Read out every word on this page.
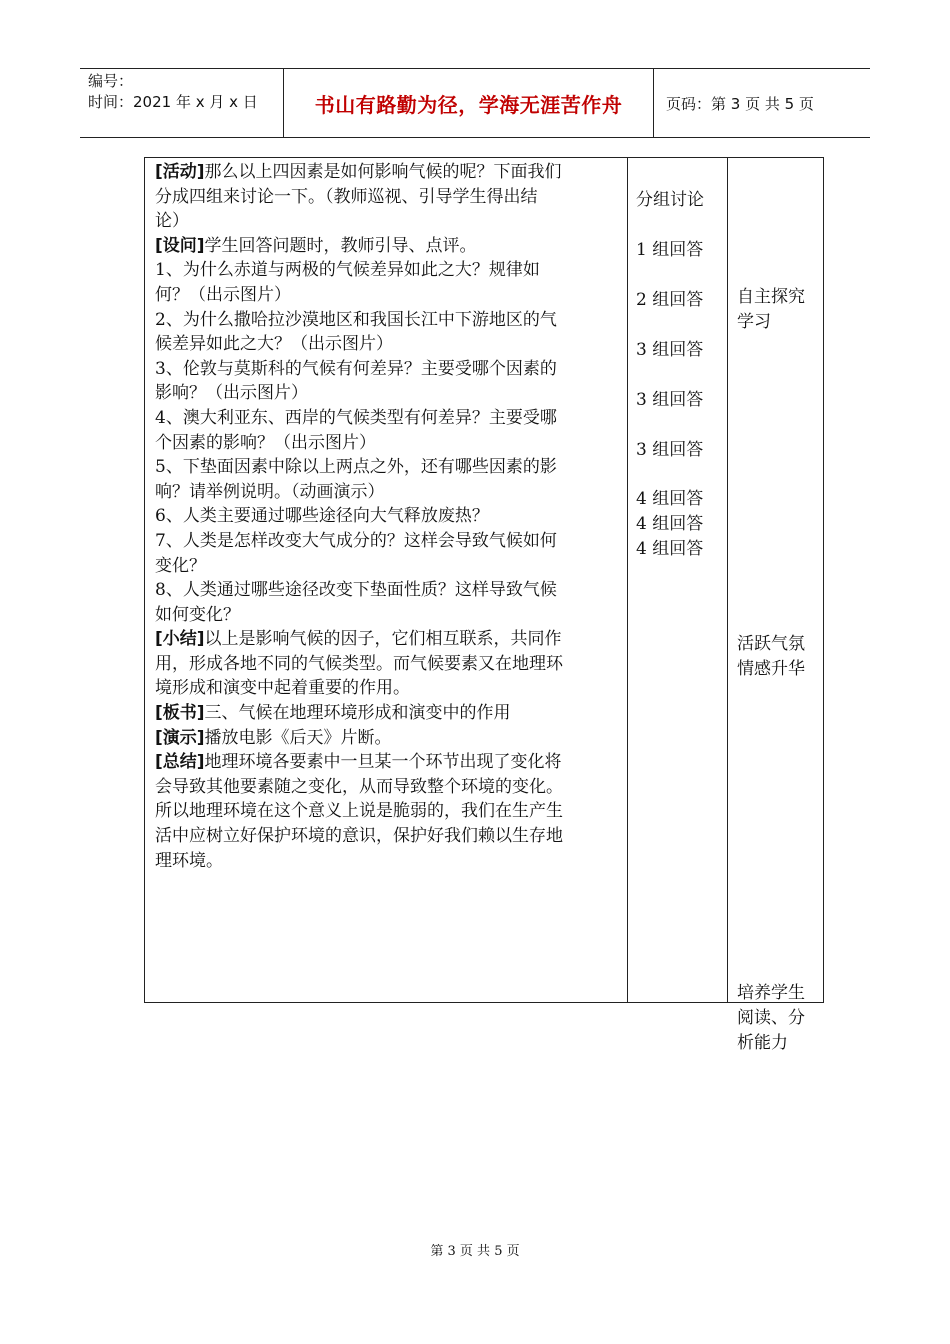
编号：
时间：2021 年 x 月 x 日	书山有路勤为径，学海无涯苦作舟	页码：第 3 页 共 5 页
[活动]那么以上四因素是如何影响气候的呢？下面我们
分成四组来讨论一下。（教师巡视、引导学生得出结
论）
[设问]学生回答问题时，教师引导、点评。
1、为什么赤道与两极的气候差异如此之大？规律如
何？（出示图片）
2、为什么撒哈拉沙漠地区和我国长江中下游地区的气
候差异如此之大？（出示图片）
3、伦敦与莫斯科的气候有何差异？主要受哪个因素的
影响？（出示图片）
4、澳大利亚东、西岸的气候类型有何差异？主要受哪
个因素的影响？（出示图片）
5、下垫面因素中除以上两点之外，还有哪些因素的影
响？请举例说明。（动画演示）
6、人类主要通过哪些途径向大气释放废热？
7、人类是怎样改变大气成分的？这样会导致气候如何
变化？
8、人类通过哪些途径改变下垫面性质？这样导致气候
如何变化？
[小结]以上是影响气候的因子，它们相互联系，共同作
用，形成各地不同的气候类型。而气候要素又在地理环
境形成和演变中起着重要的作用。
[板书]三、气候在地理环境形成和演变中的作用
[演示]播放电影《后天》片断。
[总结]地理环境各要素中一旦某一个环节出现了变化将
会导致其他要素随之变化，从而导致整个环境的变化。
所以地理环境在这个意义上说是脆弱的，我们在生产生
活中应树立好保护环境的意识，保护好我们赖以生存地
理环境。
分组讨论
1 组回答
2 组回答
3 组回答
3 组回答
3 组回答
4 组回答
4 组回答
4 组回答
自主探究
学习
活跃气氛
情感升华
培养学生
阅读、分
析能力
第 3 页 共 5 页
